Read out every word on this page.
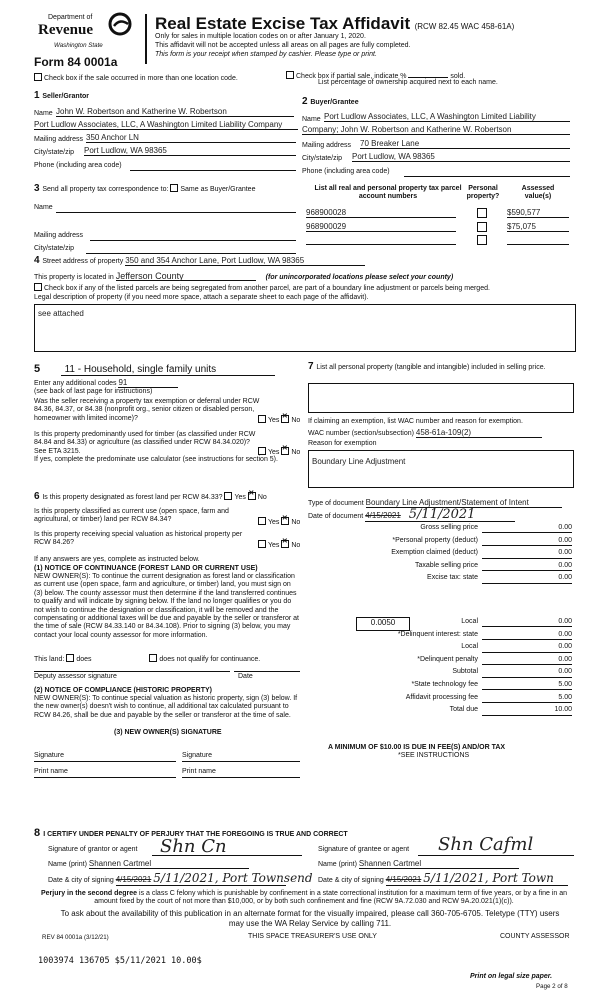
Department of
Revenue
Washington State
Form 84 0001a
Real Estate Excise Tax Affidavit (RCW 82.45 WAC 458-61A)
Only for sales in multiple location codes on or after January 1, 2020.
This affidavit will not be accepted unless all areas on all pages are fully completed.
This form is your receipt when stamped by cashier. Please type or print.
Check box if the sale occurred in more than one location code.	Check box if partial sale, indicate %	sold.
List percentage of ownership acquired next to each name.
1 Seller/Grantor
Name John W. Robertson and Katherine W. Robertson
Port Ludlow Associates, LLC, A Washington Limited Liability Company
Mailing address 350 Anchor LN
City/state/zip Port Ludlow, WA 98365
Phone (including area code)
2 Buyer/Grantee
Name Port Ludlow Associates, LLC, A Washington Limited Liability
Company; John W. Robertson and Katherine W. Robertson
Mailing address 70 Breaker Lane
City/state/zip Port Ludlow, WA 98365
Phone (including area code)
3 Send all property tax correspondence to: Same as Buyer/Grantee
Name
Mailing address
City/state/zip
List all real and personal property tax parcel account numbers
Personal property?
Assessed value(s)
968900028	$590,577
968900029	$75,075
4 Street address of property 350 and 354 Anchor Lane, Port Ludlow, WA 98365
This property is located in Jefferson County	(for unincorporated locations please select your county)
Check box if any of the listed parcels are being segregated from another parcel, are part of a boundary line adjustment or parcels being merged.
Legal description of property (if you need more space, attach a separate sheet to each page of the affidavit).
see attached
5 11 - Household, single family units
Enter any additional codes 91
(see back of last page for instructions)
Was the seller receiving a property tax exemption or deferral under RCW 84.36, 84.37, or 84.38 (nonprofit org., senior citizen or disabled person, homeowner with limited income)?	Yes ✕ No
Is this property predominantly used for timber (as classified under RCW 84.84 and 84.33) or agriculture (as classified under RCW 84.34.020)? See ETA 3215.	Yes ✕ No
If yes, complete the predominate use calculator (see instructions for section 5).
6 Is this property designated as forest land per RCW 84.33? Yes ✕ No
Is this property classified as current use (open space, farm and agricultural, or timber) land per RCW 84.34?	Yes ✕ No
Is this property receiving special valuation as historical property per RCW 84.26?	Yes ✕ No
If any answers are yes, complete as instructed below.
(1) NOTICE OF CONTINUANCE (FOREST LAND OR CURRENT USE)
NEW OWNER(S): To continue the current designation as forest land or classification as current use (open space, farm and agriculture, or timber) land, you must sign on (3) below. The county assessor must then determine if the land transferred continues to qualify and will indicate by signing below. If the land no longer qualifies or you do not wish to continue the designation or classification, it will be removed and the compensating or additional taxes will be due and payable by the seller or transferor at the time of sale (RCW 84.33.140 or 84.34.108). Prior to signing (3) below, you may contact your local county assessor for more information.
This land: does	does not qualify for continuance.
Deputy assessor signature	Date
(2) NOTICE OF COMPLIANCE (HISTORIC PROPERTY)
NEW OWNER(S): To continue special valuation as historic property, sign (3) below. If the new owner(s) doesn't wish to continue, all additional tax calculated pursuant to RCW 84.26, shall be due and payable by the seller or transferor at the time of sale.
(3) NEW OWNER(S) SIGNATURE
Signature	Signature
Print name	Print name
7 List all personal property (tangible and intangible) included in selling price.
If claiming an exemption, list WAC number and reason for exemption.
WAC number (section/subsection) 458-61a-109(2)
Reason for exemption
Boundary Line Adjustment
Type of document Boundary Line Adjustment/Statement of Intent
Date of document 4/15/2021 5/11/2021
Gross selling price	0.00
*Personal property (deduct)	0.00
Exemption claimed (deduct)	0.00
Taxable selling price	0.00
Excise tax: state	0.00
0.0050	Local	0.00
*Delinquent interest: state	0.00
Local	0.00
*Delinquent penalty	0.00
Subtotal	0.00
*State technology fee	5.00
Affidavit processing fee	5.00
Total due	10.00
A MINIMUM OF $10.00 IS DUE IN FEE(S) AND/OR TAX
*SEE INSTRUCTIONS
8 I CERTIFY UNDER PENALTY OF PERJURY THAT THE FOREGOING IS TRUE AND CORRECT
Signature of grantor or agent Shn Cn
Name (print) Shannen Cartmel
Date & city of signing 4/15/2021 5/11/2021, Port Townsend
Signature of grantee or agent Shn Cafml
Name (print) Shannen Cartmel
Date & city of signing 4/15/2021 5/11/2021, Port Town
Perjury in the second degree is a class C felony which is punishable by confinement in a state correctional institution for a maximum term of five years, or by a fine in an amount fixed by the court of not more than $10,000, or by both such confinement and fine (RCW 9A.72.030 and RCW 9A.20.021(1)(c)).
To ask about the availability of this publication in an alternate format for the visually impaired, please call 360-705-6705. Teletype (TTY) users may use the WA Relay Service by calling 711.
REV 84 0001a (3/12/21)	THIS SPACE TREASURER'S USE ONLY	COUNTY ASSESSOR
1003974 136705 $5/11/2021 10.00$
Print on legal size paper.
Page 2 of 8
